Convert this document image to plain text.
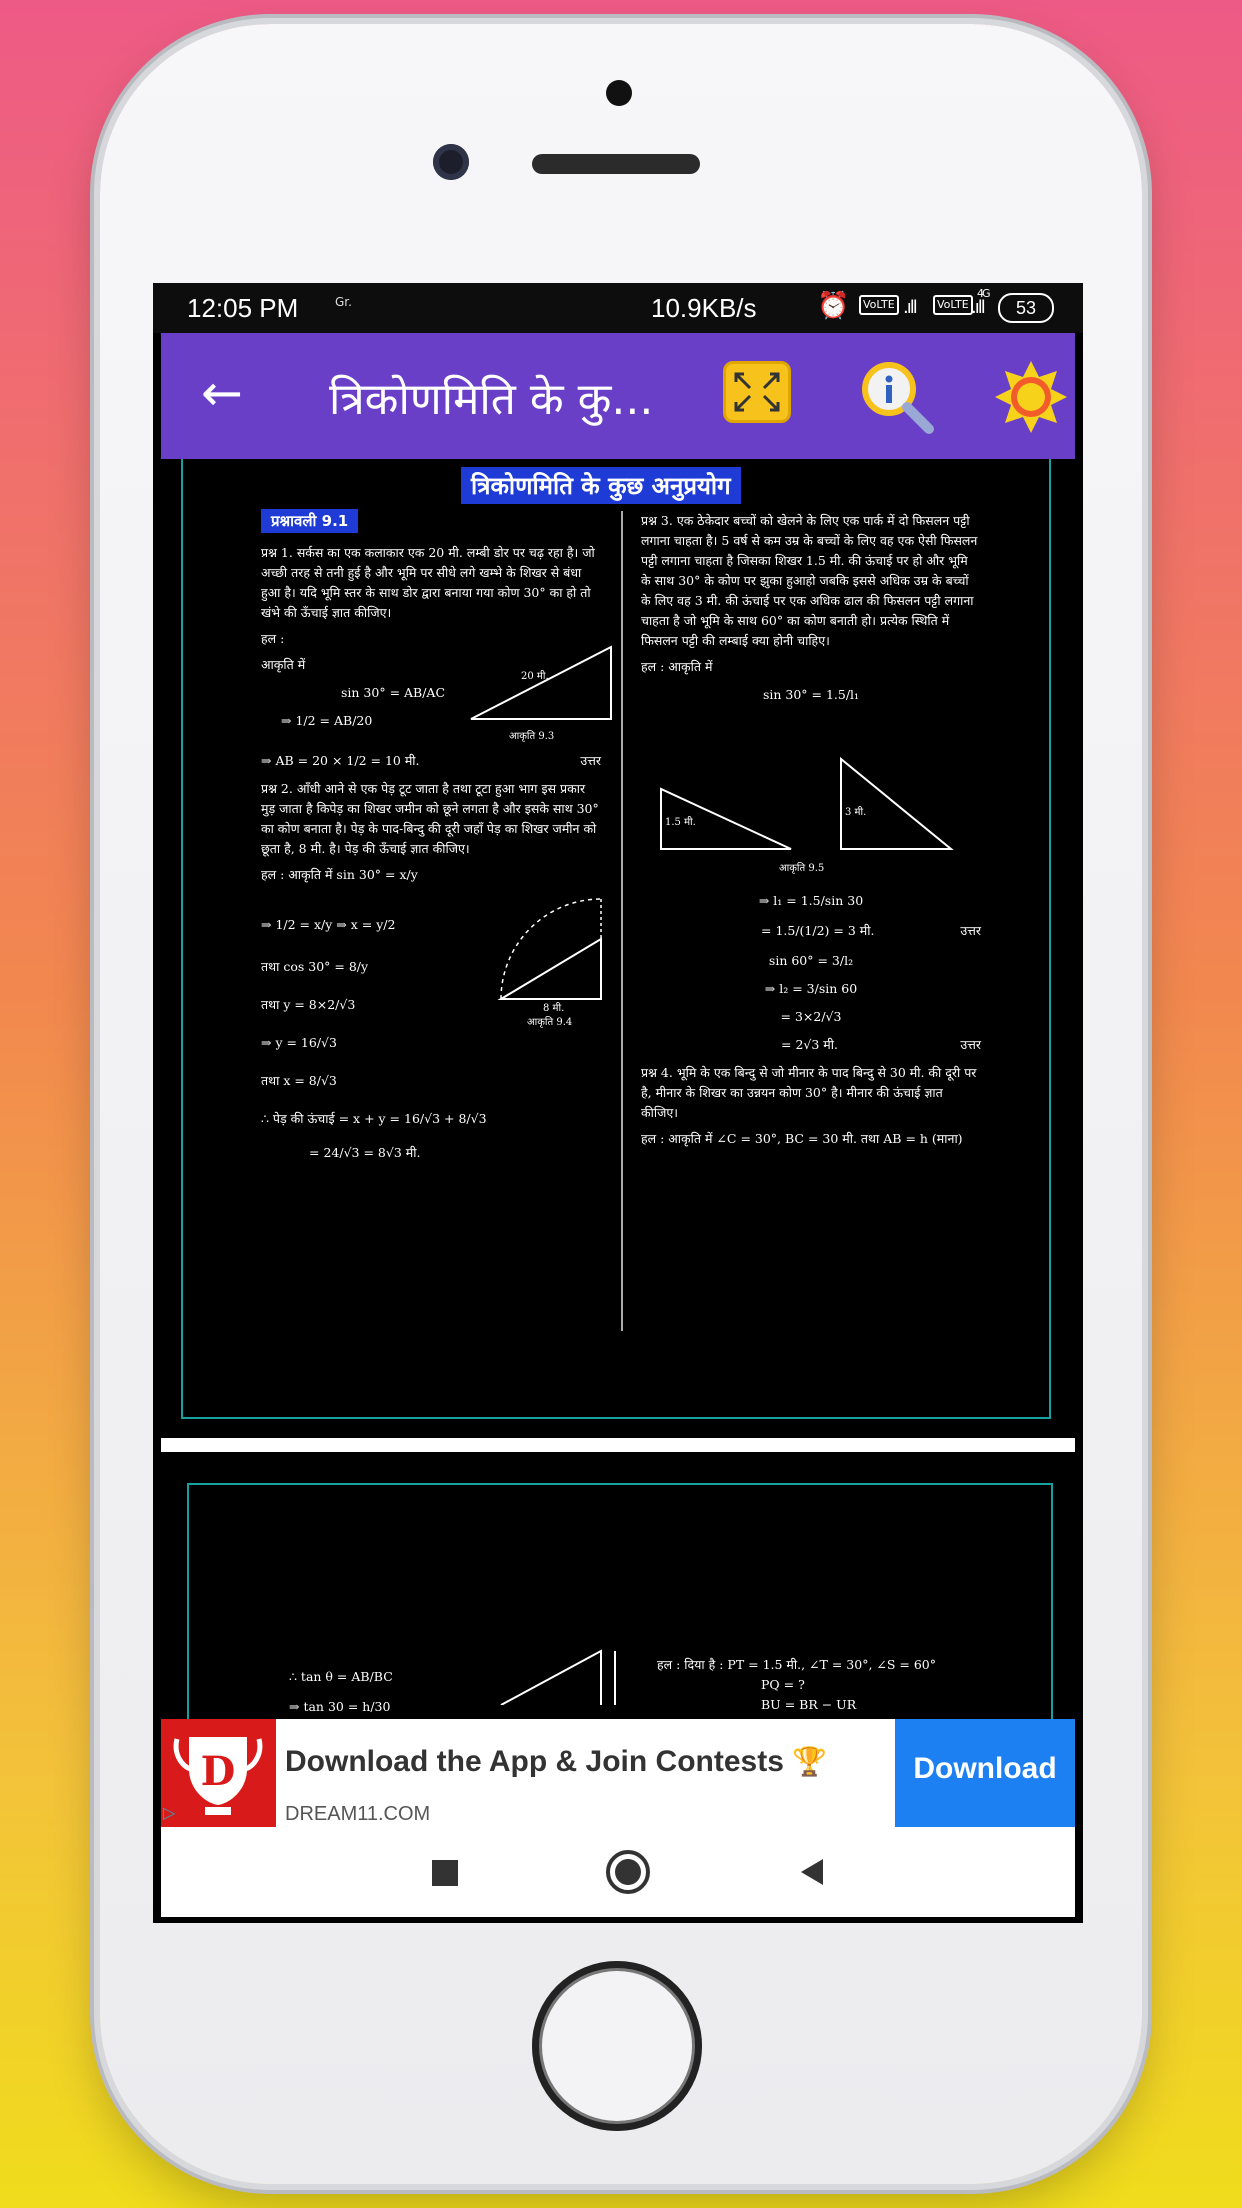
12:05 PM	Gr.	10.9KB/s ⏰	VoLTE .ıll	VoLTE
4G
.ıll	53
← त्रिकोणमिति के कु...
त्रिकोणमिति के कुछ अनुप्रयोग
प्रश्नावली 9.1

प्रश्न 1. सर्कस का एक कलाकार एक 20 मी. लम्बी डोर पर चढ़ रहा है। जो अच्छी तरह से तनी हुई है और भूमि पर सीधे लगे खम्भे के शिखर से बंधा हुआ है। यदि भूमि स्तर के साथ डोर द्वारा बनाया गया कोण 30° का हो तो खंभे की ऊँचाई ज्ञात कीजिए।

हल :

आकृति में

sin 30° = AB/AC
⇒ 1/2 = AB/20
⇒ AB = 20 × 1/2 = 10 मी.	उत्तर

प्रश्न 2. आँधी आने से एक पेड़ टूट जाता है तथा टूटा हुआ भाग इस प्रकार मुड़ जाता है किपेड़ का शिखर जमीन को छूने लगता है और इसके साथ 30° का कोण बनाता है। पेड़ के पाद-बिन्दु की दूरी जहाँ पेड़ का शिखर जमीन को छूता है, 8 मी. है। पेड़ की ऊँचाई ज्ञात कीजिए।

हल : आकृति में sin 30° = x/y

⇒ 1/2 = x/y ⇒ x = y/2
तथा cos 30° = 8/y
तथा y = 8×2/√3
⇒ y = 16/√3
तथा x = 8/√3
∴ पेड़ की ऊंचाई = x + y = 16/√3 + 8/√3
= 24/√3 = 8√3 मी.
20 मी.
आकृति 9.3
8 मी.
आकृति 9.4

प्रश्न 3. एक ठेकेदार बच्चों को खेलने के लिए एक पार्क में दो फिसलन पट्टी लगाना चाहता है। 5 वर्ष से कम उम्र के बच्चों के लिए वह एक ऐसी फिसलन पट्टी लगाना चाहता है जिसका शिखर 1.5 मी. की ऊंचाई पर हो और भूमि के साथ 30° के कोण पर झुका हुआहो जबकि इससे अधिक उम्र के बच्चों के लिए वह 3 मी. की ऊंचाई पर एक अधिक ढाल की फिसलन पट्टी लगाना चाहता है जो भूमि के साथ 60° का कोण बनाती हो। प्रत्येक स्थिति में फिसलन पट्टी की लम्बाई क्या होनी चाहिए।

हल : आकृति में

sin 30° = 1.5/l₁
⇒ l₁ = 1.5/sin 30
= 1.5/(1/2) = 3 मी.	उत्तर
sin 60° = 3/l₂
⇒ l₂ = 3/sin 60
= 3×2/√3
= 2√3 मी.	उत्तर

प्रश्न 4. भूमि के एक बिन्दु से जो मीनार के पाद बिन्दु से 30 मी. की दूरी पर है, मीनार के शिखर का उन्नयन कोण 30° है। मीनार की ऊंचाई ज्ञात कीजिए।

हल : आकृति में ∠C = 30°, BC = 30 मी. तथा AB = h (माना)

1.5 मी.
3 मी.
आकृति 9.5
∴ tan θ = AB/BC
⇒ tan 30 = h/30
हल : दिया है : PT = 1.5 मी., ∠T = 30°, ∠S = 60°
PQ = ?
BU = BR − UR
D
▷
Download the App & Join Contests 🏆
DREAM11.COM
Download
